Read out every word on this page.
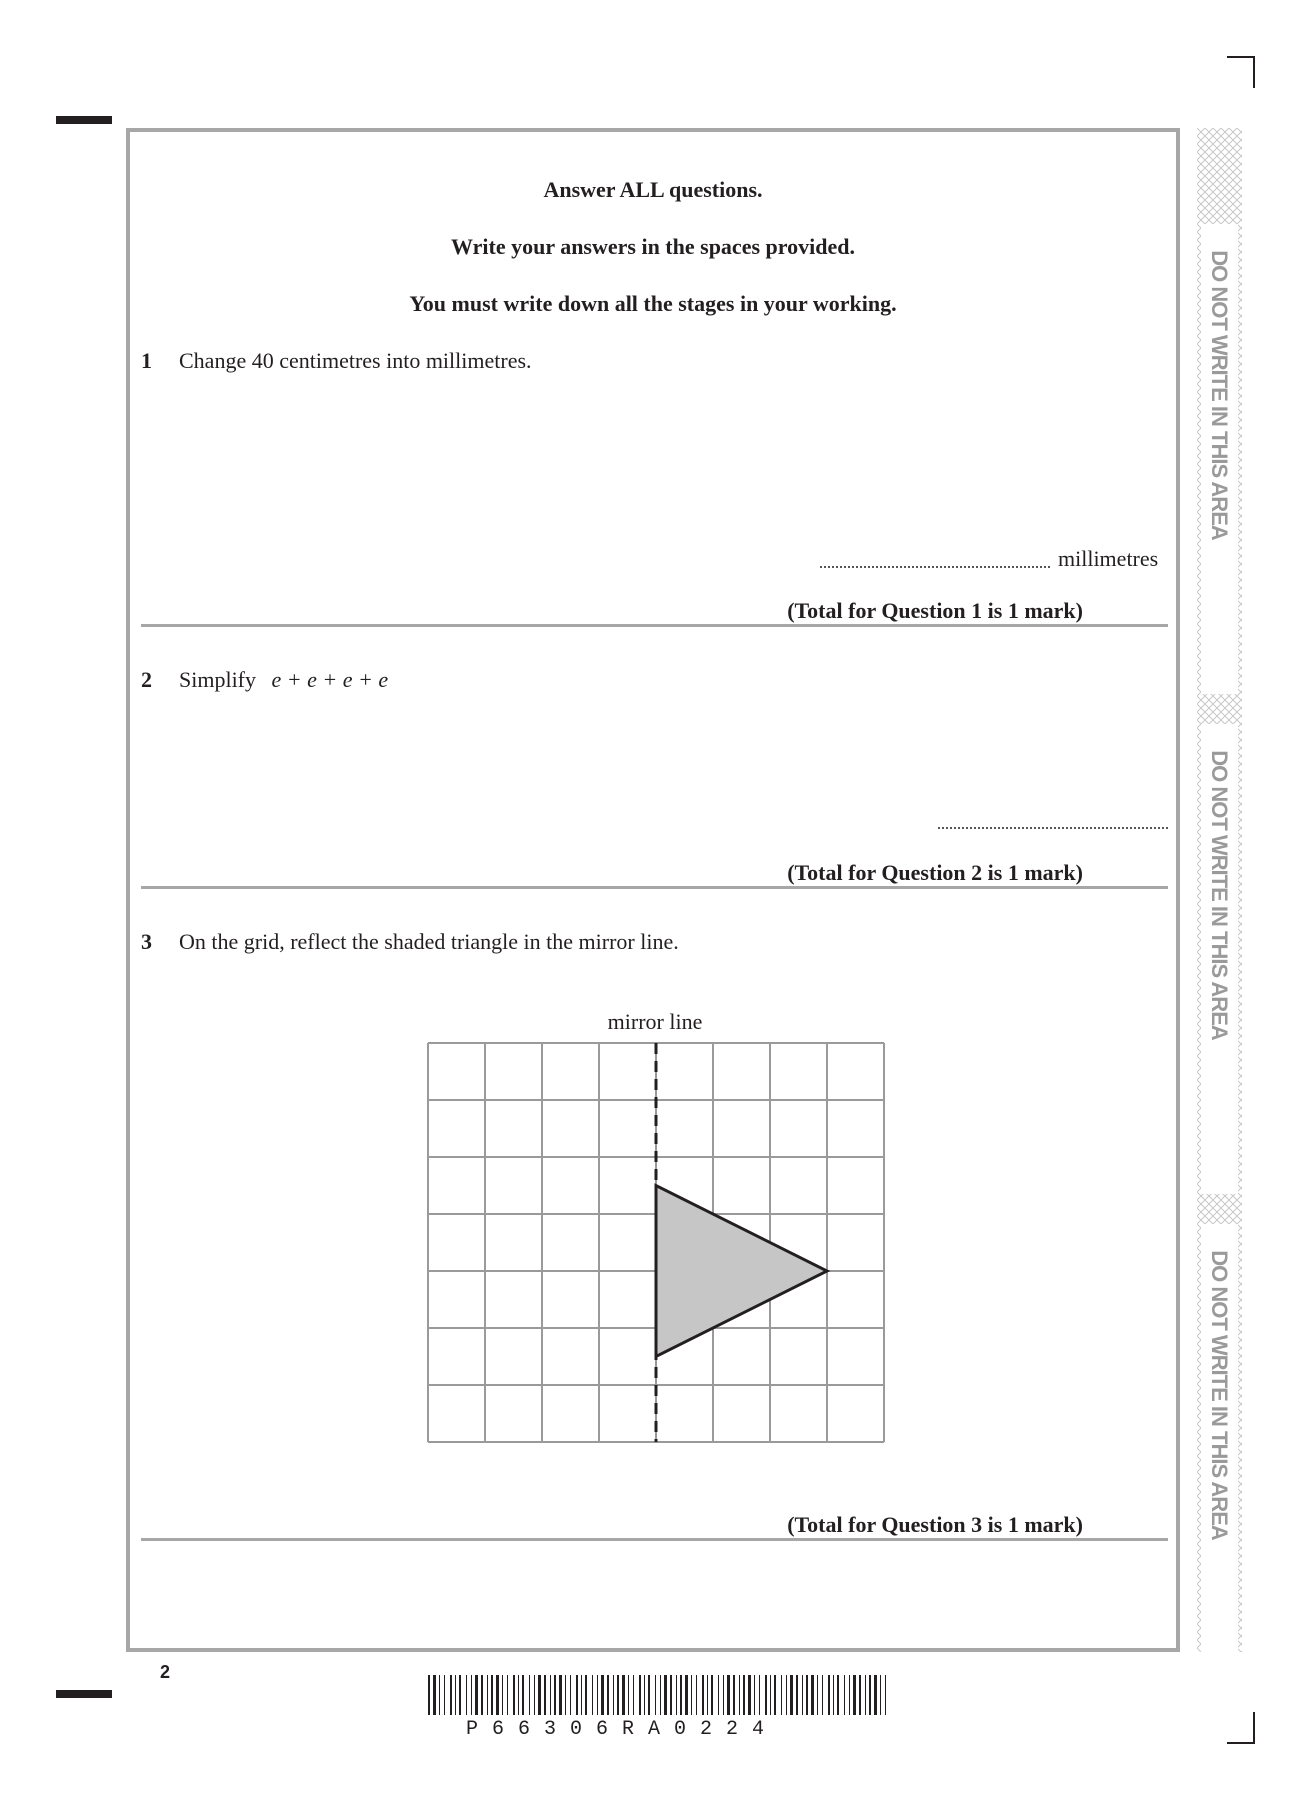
Answer ALL questions.
Write your answers in the spaces provided.
You must write down all the stages in your working.
1 Change 40 centimetres into millimetres.
millimetres
(Total for Question 1 is 1 mark)
2 Simplify e + e + e + e
(Total for Question 2 is 1 mark)
3 On the grid, reflect the shaded triangle in the mirror line.
mirror line
(Total for Question 3 is 1 mark)
DO NOT WRITE IN THIS AREA
DO NOT WRITE IN THIS AREA
DO NOT WRITE IN THIS AREA
2
P66306RA0224
